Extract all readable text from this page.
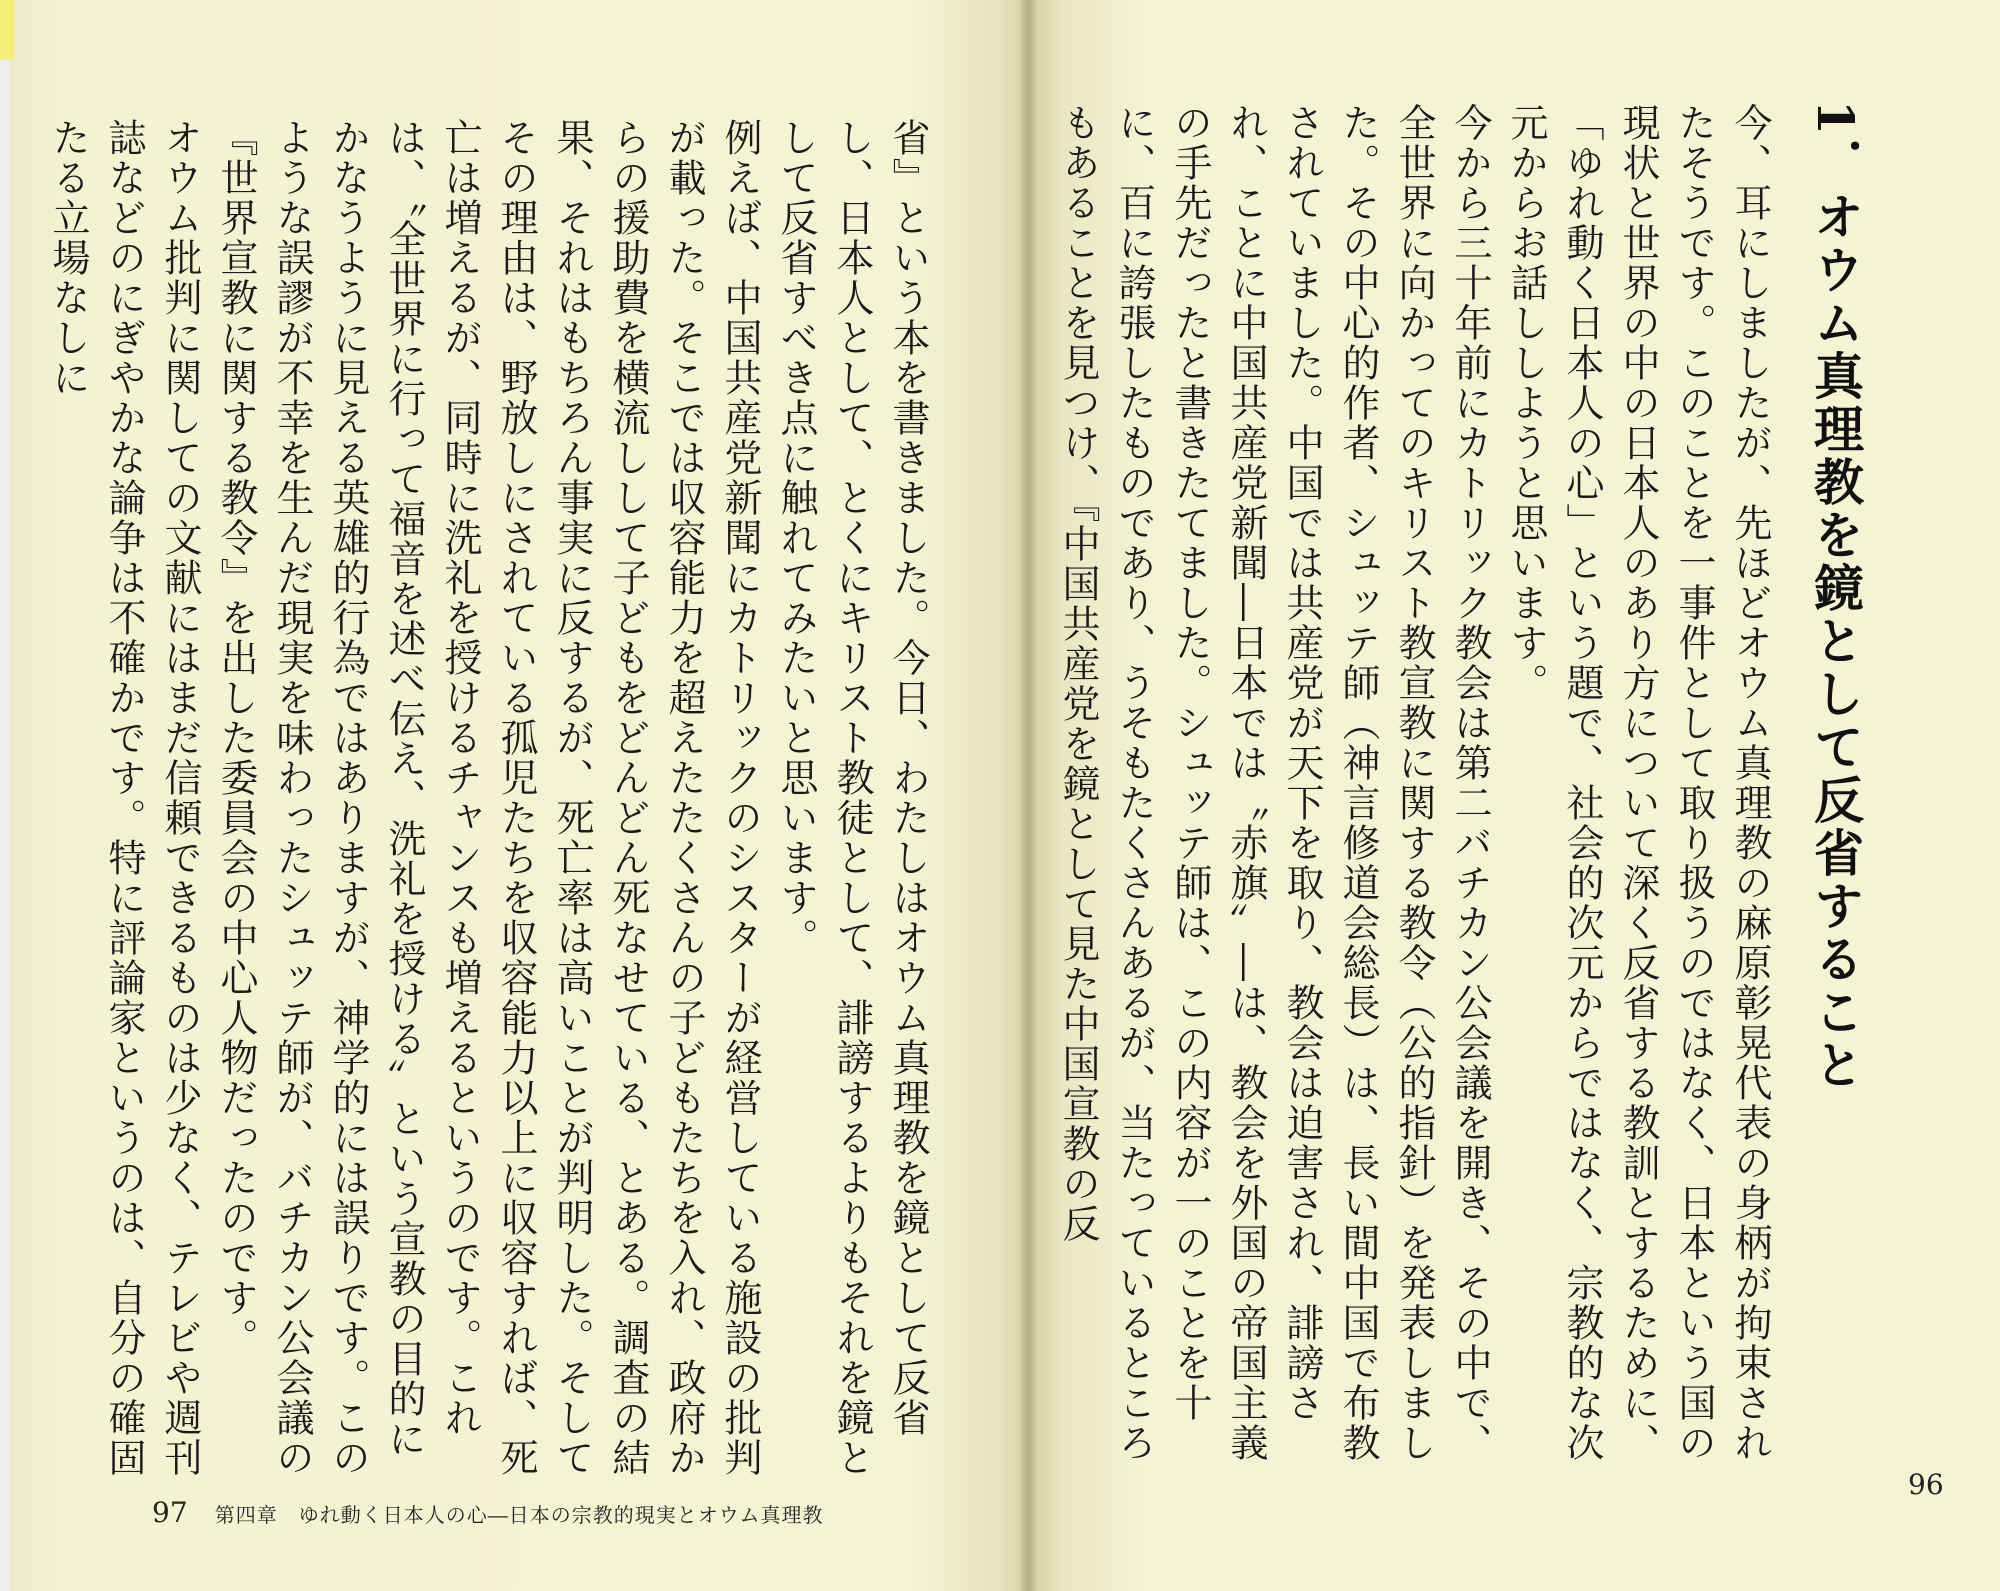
1．オウム真理教を鏡として反省すること

今、耳にしましたが、先ほどオウム真理教の麻原彰晃代表の身柄が拘束されたそうです。このことを一事件として取り扱うのではなく、日本という国の現状と世界の中の日本人のあり方について深く反省する教訓とするために、「ゆれ動く日本人の心」という題で、社会的次元からではなく、宗教的な次元からお話ししようと思います。

今から三十年前にカトリック教会は第二バチカン公会議を開き、その中で、全世界に向かってのキリスト教宣教に関する教令（公的指針）を発表しました。その中心的作者、シュッテ師（神言修道会総長）は、長い間中国で布教されていました。中国では共産党が天下を取り、教会は迫害され、誹謗され、ことに中国共産党新聞―日本では〝赤旗〟―は、教会を外国の帝国主義の手先だったと書きたてました。シュッテ師は、この内容が一のことを十に、百に誇張したものであり、うそもたくさんあるが、当たっているところもあることを見つけ、『中国共産党を鏡として見た中国宣教の反

省』という本を書きました。今日、わたしはオウム真理教を鏡として反省し、日本人として、とくにキリスト教徒として、誹謗するよりもそれを鏡として反省すべき点に触れてみたいと思います。

例えば、中国共産党新聞にカトリックのシスターが経営している施設の批判が載った。そこでは収容能力を超えたたくさんの子どもたちを入れ、政府からの援助費を横流しして子どもをどんどん死なせている、とある。調査の結果、それはもちろん事実に反するが、死亡率は高いことが判明した。そしてその理由は、野放しにされている孤児たちを収容能力以上に収容すれば、死亡は増えるが、同時に洗礼を授けるチャンスも増えるというのです。これは、〝全世界に行って福音を述べ伝え、洗礼を授ける〟という宣教の目的にかなうように見える英雄的行為ではありますが、神学的には誤りです。このような誤謬が不幸を生んだ現実を味わったシュッテ師が、バチカン公会議の『世界宣教に関する教令』を出した委員会の中心人物だったのです。

オウム批判に関しての文献にはまだ信頼できるものは少なく、テレビや週刊誌などのにぎやかな論争は不確かです。特に評論家というのは、自分の確固たる立場なしに

96
97 第四章　ゆれ動く日本人の心―日本の宗教的現実とオウム真理教
